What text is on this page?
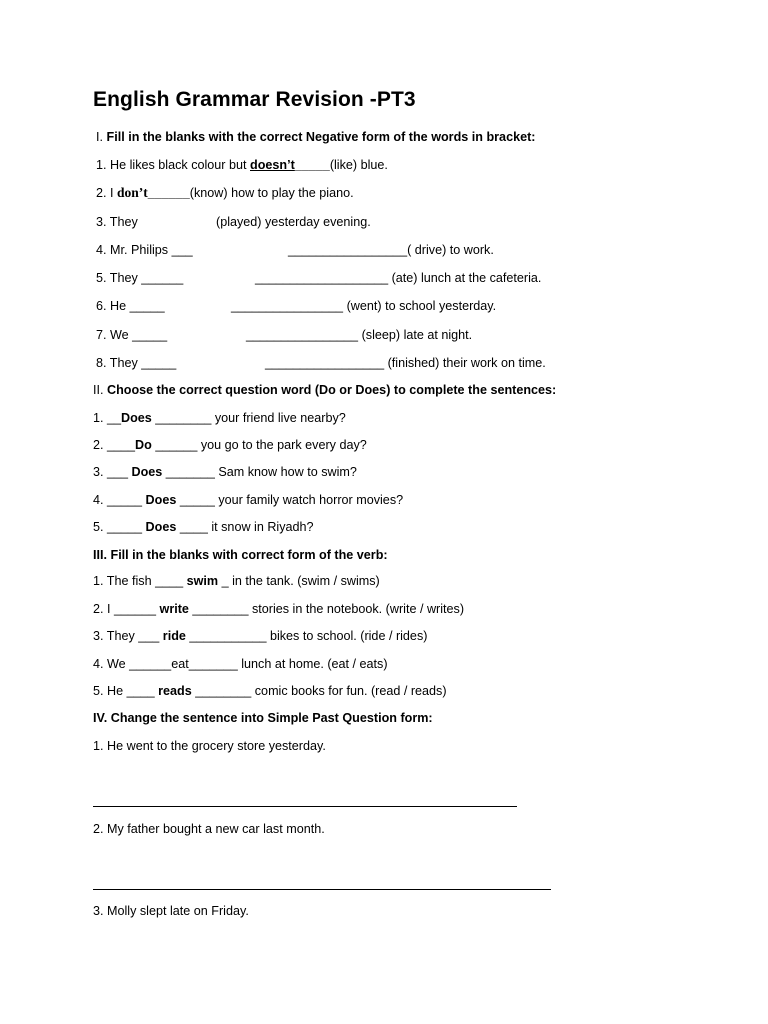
English Grammar Revision -PT3
I. Fill in the blanks with the correct Negative form of the words in bracket:
1. He likes black colour but doesn’t_____(like) blue.
2. I don’t______(know) how to play the piano.
3. They	(played) yesterday evening.
4. Mr. Philips ___	_________________( drive) to work.
5. They ______	___________________ (ate) lunch at the cafeteria.
6. He _____	________________ (went) to school yesterday.
7. We _____	________________ (sleep) late at night.
8. They _____	_________________ (finished) their work on time.
II. Choose the correct question word (Do or Does) to complete the sentences:
1. __Does ________ your friend live nearby?
2. ____Do ______ you go to the park every day?
3. ___ Does _______ Sam know how to swim?
4. _____ Does _____ your family watch horror movies?
5. _____ Does ____ it snow in Riyadh?
III. Fill in the blanks with correct form of the verb:
1. The fish ____ swim _ in the tank. (swim / swims)
2. I ______ write ________ stories in the notebook. (write / writes)
3. They ___ ride ___________ bikes to school. (ride / rides)
4. We ______eat_______ lunch at home. (eat / eats)
5. He ____ reads ________ comic books for fun. (read / reads)
IV. Change the sentence into Simple Past Question form:
1. He went to the grocery store yesterday.
2. My father bought a new car last month.
3. Molly slept late on Friday.
